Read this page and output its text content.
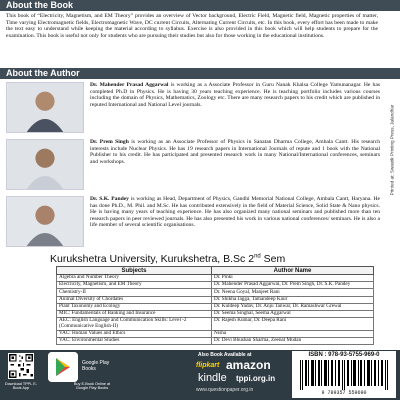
About the Book
This book of “Electricity, Magnetism, and EM Theory” provides an overview of Vector background, Electric Field, Magnetic field, Magnetic properties of matter, Time varying Electromagnetic fields, Electromagnetic Wave, DC current Circuits, Alternating Current Circuits, etc. In this book, every effort has been made to make the text easy to understand while keeping the material according to syllabus. Exercise is also provided in this book which will help students to prepare for the examination. This book is useful not only for students who are pursuing their studies but also for those working in the educational institutions.
About the Author
Dr. Mahender Prasad Aggarwal is working as a Associate Professor in Guru Nanak Khalsa College Yamunanagar. He has completed Ph.D in Physics. He is having 30 years teaching experience. He is teaching portfolio includes various courses including the domain of Physics, Mathematics, Zoology etc. There are many research papers to his credit which are published in reputed International and National Level journals.
Dr. Prem Singh is working as an Associate Professor of Physics in Sanatan Dharma College, Ambala Cantt. His research interests include Nuclear Physics. He has 19 research papers in International Journals of repute and 1 book with the National Publisher to his credit. He has participated and presented research work in many National/International conferences, seminars and workshops.
Dr. S.K. Pandey is working as Head, Department of Physics, Gandhi Memorial National College, Ambala Cantt, Haryana. He has done Ph.D., M. Phil. and M.Sc. He has contributed extensively in the field of Material Science, Solid State & Nano physics. He is having many years of teaching experience. He has also organized many national seminars and published more than ten research papers in peer reviewed journals. He has also presented his work in various national conferences/ seminars. He is also a life member of several scientific organisations.
Printed at: Swastik Printing Press, Jalandhar
Kurukshetra University, Kurukshetra, B.Sc 2nd Sem
Subjects	Author Name
Algebra and Number Theory	Dr. Pinki
Electricity, Magnetism, and EM Theory	Dr. Mahender Prasad Aggarwal, Dr. Prem Singh, Dr. S.K. Pandey
Chemistry-II	Dr. Neena Goyal, Manjeet Rani
Animal Diversity of Chordates	Dr. Shikha Jagga, Tamandeep Kaur
Plant Taxonomy and Ecology	Dr. Kuldeep Yadav, Dr. Anju Tanwar, Dr. Ramashwar Grewal
MIC: Fundamentals of Banking and Insurance	Dr. Seema Singhal, Seema Aggarwal
AEC: English Language and Communication Skills: Level -2 (Communicative English-II)	Dr. Rajesh Kumar, Dr. Deepa Rani
VAC: Human Values and Ethics	Nisha
VAC: Environmental Studies	Dr. Devi Bhushan Sharma, Zeenat Mudan
Download TPPL E-Book App
Google Play
Books
Buy E-Book Online at Google Play Books
Also Book Available at
flipkart amazon
kindle tppi.org.in
www.questionpaper.org.in
ISBN : 978-93-5755-969-0
9 789357 559690
